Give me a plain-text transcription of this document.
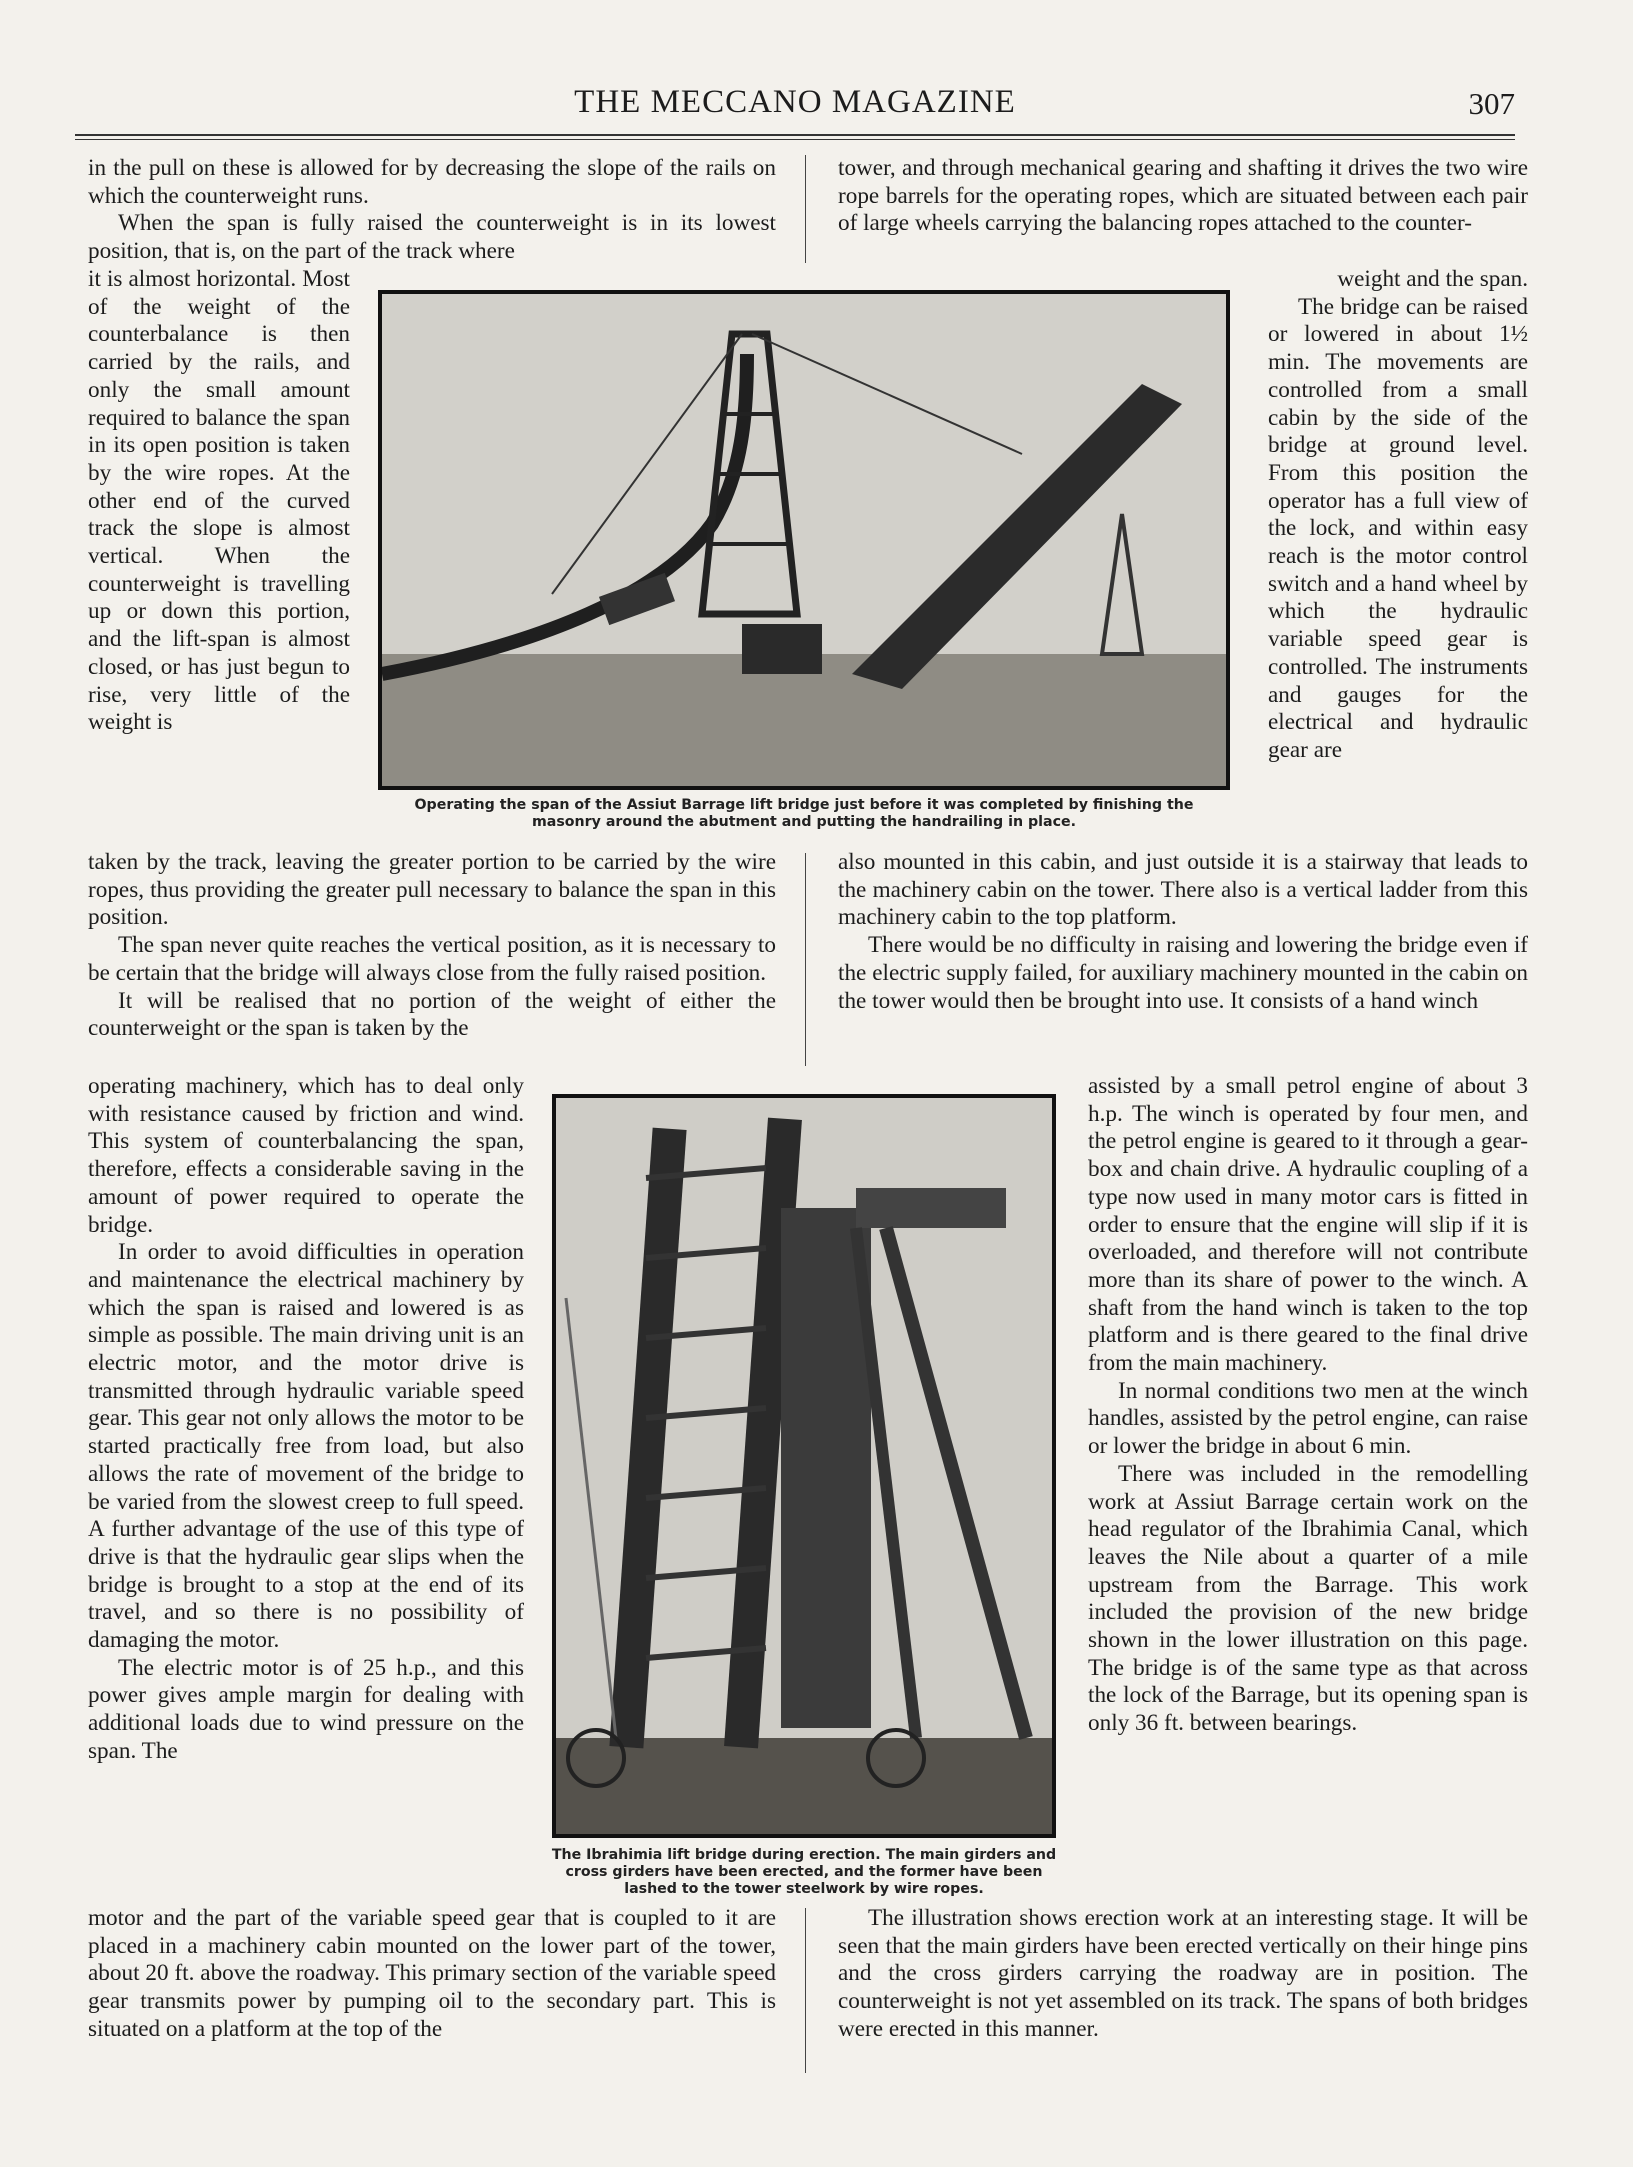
THE MECCANO MAGAZINE	307

in the pull on these is allowed for by decreasing the slope of the rails on which the counterweight runs.

When the span is fully raised the counterweight is in its lowest position, that is, on the part of the track where

tower, and through mechanical gearing and shafting it drives the two wire rope barrels for the operating ropes, which are situated between each pair of large wheels carrying the balancing ropes attached to the counter-

it is almost horizontal. Most of the weight of the counterbalance is then carried by the rails, and only the small amount required to balance the span in its open position is taken by the wire ropes. At the other end of the curved track the slope is almost vertical. When the counterweight is travelling up or down this portion, and the lift-span is almost closed, or has just begun to rise, very little of the weight is

Operating the span of the Assiut Barrage lift bridge just before it was completed by finishing the masonry around the abutment and putting the handrailing in place.

weight and the span.

The bridge can be raised or lowered in about 1½ min. The movements are controlled from a small cabin by the side of the bridge at ground level. From this position the operator has a full view of the lock, and within easy reach is the motor control switch and a hand wheel by which the hydraulic variable speed gear is controlled. The instruments and gauges for the electrical and hydraulic gear are

taken by the track, leaving the greater portion to be carried by the wire ropes, thus providing the greater pull necessary to balance the span in this position.

The span never quite reaches the vertical position, as it is necessary to be certain that the bridge will always close from the fully raised position.

It will be realised that no portion of the weight of either the counterweight or the span is taken by the

also mounted in this cabin, and just outside it is a stairway that leads to the machinery cabin on the tower. There also is a vertical ladder from this machinery cabin to the top platform.

There would be no difficulty in raising and lowering the bridge even if the electric supply failed, for auxiliary machinery mounted in the cabin on the tower would then be brought into use. It consists of a hand winch

operating machinery, which has to deal only with resistance caused by friction and wind. This system of counterbalancing the span, therefore, effects a considerable saving in the amount of power required to operate the bridge.

In order to avoid difficulties in operation and maintenance the electrical machinery by which the span is raised and lowered is as simple as possible. The main driving unit is an electric motor, and the motor drive is transmitted through hydraulic variable speed gear. This gear not only allows the motor to be started practically free from load, but also allows the rate of movement of the bridge to be varied from the slowest creep to full speed. A further advantage of the use of this type of drive is that the hydraulic gear slips when the bridge is brought to a stop at the end of its travel, and so there is no possibility of damaging the motor.

The electric motor is of 25 h.p., and this power gives ample margin for dealing with additional loads due to wind pressure on the span. The

The Ibrahimia lift bridge during erection. The main girders and cross girders have been erected, and the former have been lashed to the tower steelwork by wire ropes.

assisted by a small petrol engine of about 3 h.p. The winch is operated by four men, and the petrol engine is geared to it through a gear-box and chain drive. A hydraulic coupling of a type now used in many motor cars is fitted in order to ensure that the engine will slip if it is overloaded, and therefore will not contribute more than its share of power to the winch. A shaft from the hand winch is taken to the top platform and is there geared to the final drive from the main machinery.

In normal conditions two men at the winch handles, assisted by the petrol engine, can raise or lower the bridge in about 6 min.

There was included in the remodelling work at Assiut Barrage certain work on the head regulator of the Ibrahimia Canal, which leaves the Nile about a quarter of a mile upstream from the Barrage. This work included the provision of the new bridge shown in the lower illustration on this page. The bridge is of the same type as that across the lock of the Barrage, but its opening span is only 36 ft. between bearings.

motor and the part of the variable speed gear that is coupled to it are placed in a machinery cabin mounted on the lower part of the tower, about 20 ft. above the roadway. This primary section of the variable speed gear transmits power by pumping oil to the secondary part. This is situated on a platform at the top of the

The illustration shows erection work at an interesting stage. It will be seen that the main girders have been erected vertically on their hinge pins and the cross girders carrying the roadway are in position. The counterweight is not yet assembled on its track. The spans of both bridges were erected in this manner.
